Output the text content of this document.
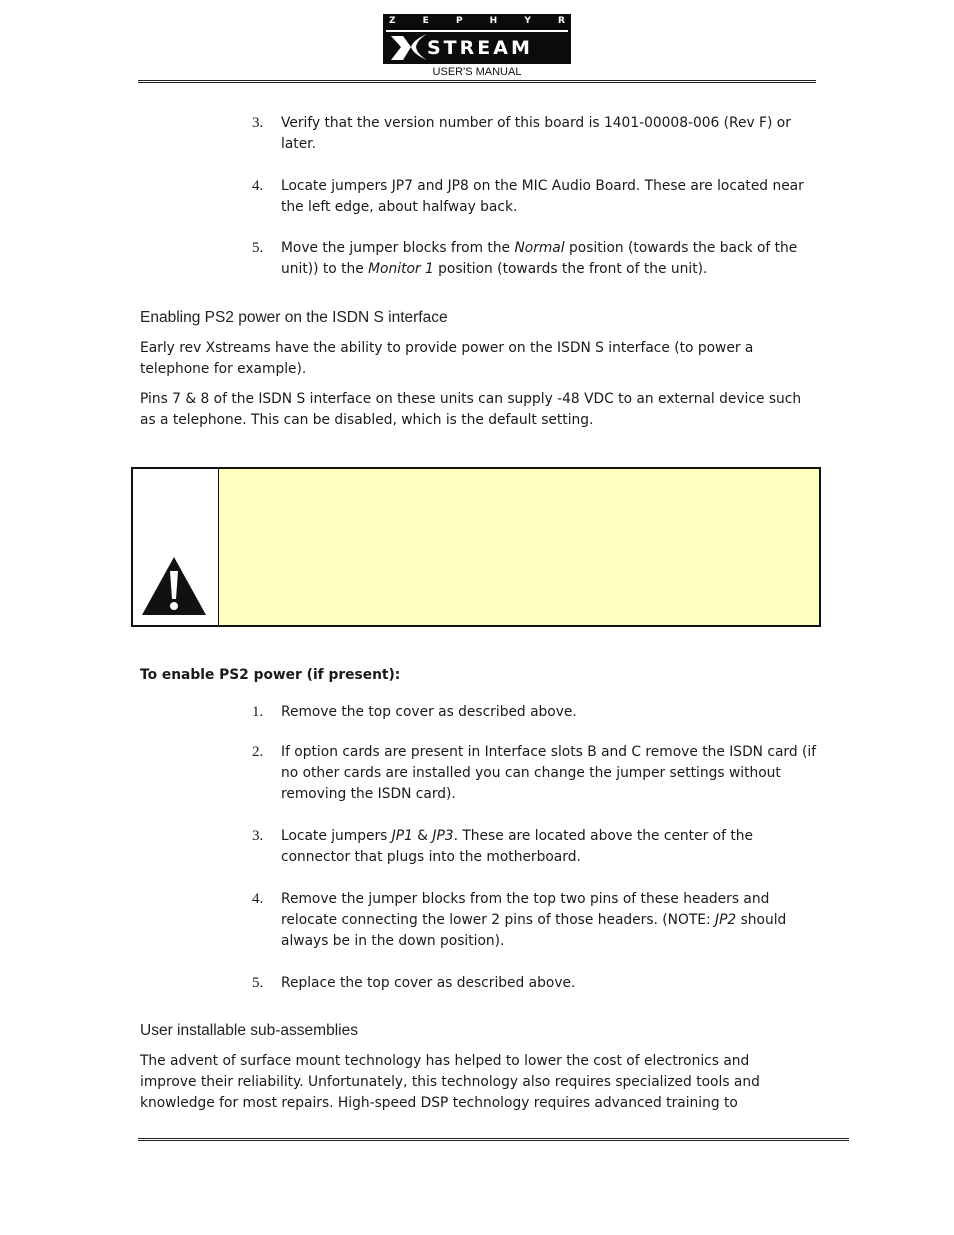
Z	E	P	H	Y	R
STREAM
USER'S MANUAL
3. Verify that the version number of this board is 1401-00008-006 (Rev F) or later.
4. Locate jumpers JP7 and JP8 on the MIC Audio Board. These are located near the left edge, about halfway back.
5. Move the jumper blocks from the Normal position (towards the back of the unit)) to the Monitor 1 position (towards the front of the unit).
Enabling PS2 power on the ISDN S interface
Early rev Xstreams have the ability to provide power on the ISDN S interface (to power a telephone for example).
Pins 7 & 8 of the ISDN S interface on these units can supply -48 VDC to an external device such as a telephone. This can be disabled, which is the default setting.
To enable PS2 power (if present):
1. Remove the top cover as described above.
2. If option cards are present in Interface slots B and C remove the ISDN card (if no other cards are installed you can change the jumper settings without removing the ISDN card).
3. Locate jumpers JP1 & JP3. These are located above the center of the connector that plugs into the motherboard.
4. Remove the jumper blocks from the top two pins of these headers and relocate connecting the lower 2 pins of those headers. (NOTE: JP2 should always be in the down position).
5. Replace the top cover as described above.
User installable sub-assemblies
The advent of surface mount technology has helped to lower the cost of electronics and improve their reliability. Unfortunately, this technology also requires specialized tools and knowledge for most repairs. High-speed DSP technology requires advanced training to
